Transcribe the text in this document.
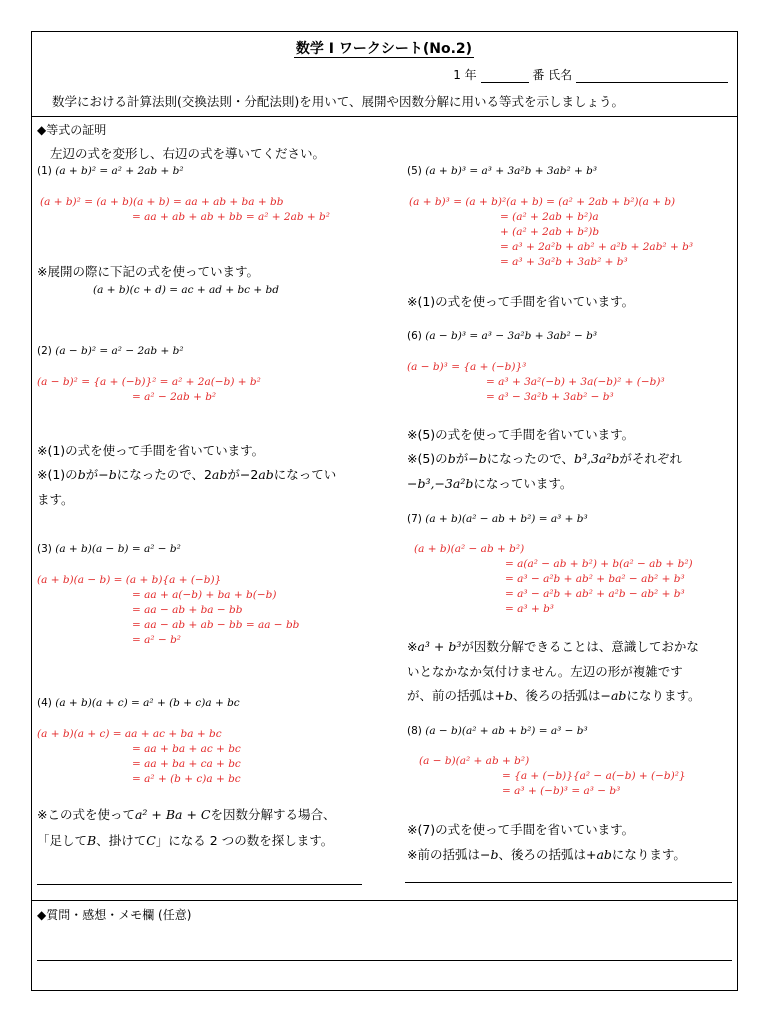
数学 I ワークシート(No.2)
1 年	番 氏名
数学における計算法則(交換法則・分配法則)を用いて、展開や因数分解に用いる等式を示しましょう。
◆等式の証明
左辺の式を変形し、右辺の式を導いてください。
(1) (a + b)² = a² + 2ab + b²
(a + b)² = (a + b)(a + b) = aa + ab + ba + bb
= aa + ab + ab + bb = a² + 2ab + b²
※展開の際に下記の式を使っています。
(a + b)(c + d) = ac + ad + bc + bd
(2) (a − b)² = a² − 2ab + b²
(a − b)² = {a + (−b)}² = a² + 2a(−b) + b²
= a² − 2ab + b²
※(1)の式を使って手間を省いています。
※(1)のbが−bになったので、2abが−2abになってい
ます。
(3) (a + b)(a − b) = a² − b²
(a + b)(a − b) = (a + b){a + (−b)}
= aa + a(−b) + ba + b(−b)
= aa − ab + ba − bb
= aa − ab + ab − bb = aa − bb
= a² − b²
(4) (a + b)(a + c) = a² + (b + c)a + bc
(a + b)(a + c) = aa + ac + ba + bc
= aa + ba + ac + bc
= aa + ba + ca + bc
= a² + (b + c)a + bc
※この式を使ってa² + Ba + Cを因数分解する場合、
「足してB、掛けてC」になる 2 つの数を探します。
(5) (a + b)³ = a³ + 3a²b + 3ab² + b³
(a + b)³ = (a + b)²(a + b) = (a² + 2ab + b²)(a + b)
= (a² + 2ab + b²)a
+ (a² + 2ab + b²)b
= a³ + 2a²b + ab² + a²b + 2ab² + b³
= a³ + 3a²b + 3ab² + b³
※(1)の式を使って手間を省いています。
(6) (a − b)³ = a³ − 3a²b + 3ab² − b³
(a − b)³ = {a + (−b)}³
= a³ + 3a²(−b) + 3a(−b)² + (−b)³
= a³ − 3a²b + 3ab² − b³
※(5)の式を使って手間を省いています。
※(5)のbが−bになったので、b³,3a²bがそれぞれ
−b³,−3a²bになっています。
(7) (a + b)(a² − ab + b²) = a³ + b³
(a + b)(a² − ab + b²)
= a(a² − ab + b²) + b(a² − ab + b²)
= a³ − a²b + ab² + ba² − ab² + b³
= a³ − a²b + ab² + a²b − ab² + b³
= a³ + b³
※a³ + b³が因数分解できることは、意識しておかな
いとなかなか気付けません。左辺の形が複雑です
が、前の括弧は+b、後ろの括弧は−abになります。
(8) (a − b)(a² + ab + b²) = a³ − b³
(a − b)(a² + ab + b²)
= {a + (−b)}{a² − a(−b) + (−b)²}
= a³ + (−b)³ = a³ − b³
※(7)の式を使って手間を省いています。
※前の括弧は−b、後ろの括弧は+abになります。
◆質問・感想・メモ欄 (任意)
